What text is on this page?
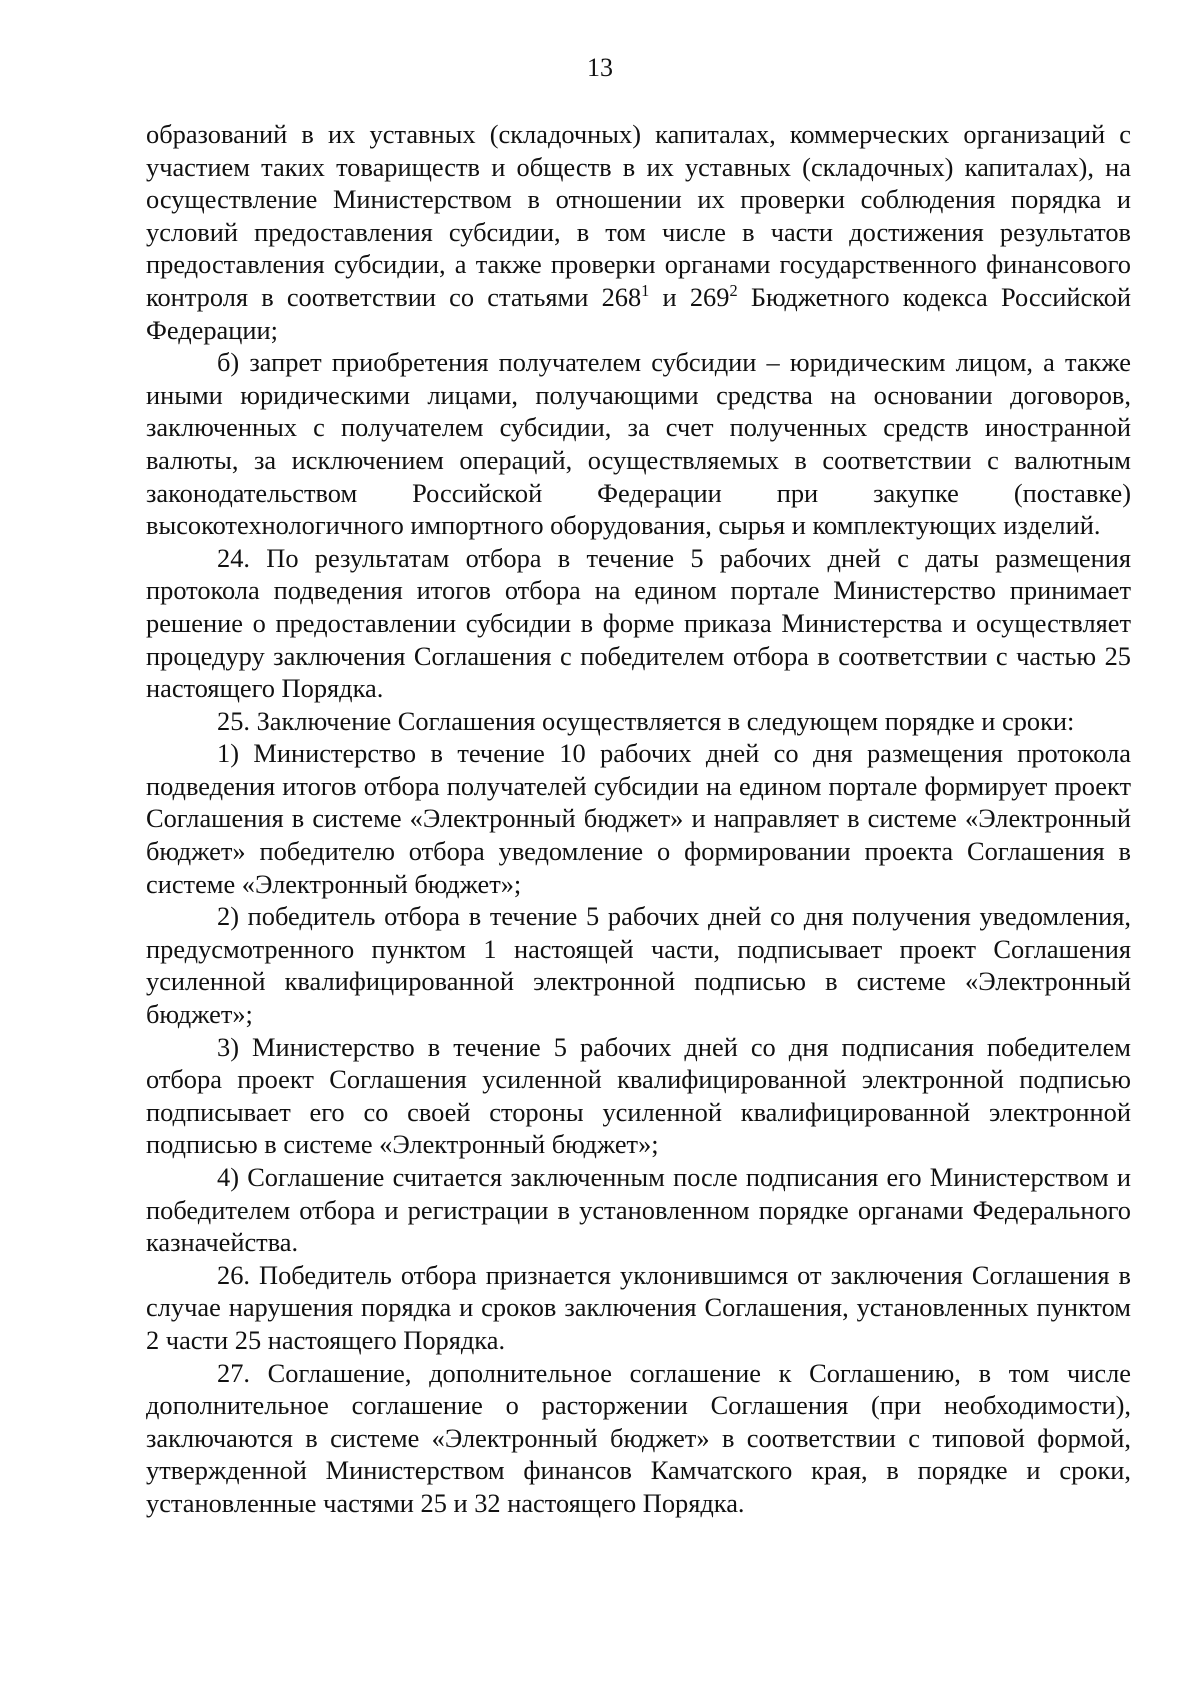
13

образований в их уставных (складочных) капиталах, коммерческих организаций с участием таких товариществ и обществ в их уставных (складочных) капиталах), на осуществление Министерством в отношении их проверки соблюдения порядка и условий предоставления субсидии, в том числе в части достижения результатов предоставления субсидии, а также проверки органами государственного финансового контроля в соответствии со статьями $268^1$ и $269^2$ Бюджетного кодекса Российской Федерации;

б) запрет приобретения получателем субсидии – юридическим лицом, а также иными юридическими лицами, получающими средства на основании договоров, заключенных с получателем субсидии, за счет полученных средств иностранной валюты, за исключением операций, осуществляемых в соответствии с валютным законодательством Российской Федерации при закупке (поставке) высокотехнологичного импортного оборудования, сырья и комплектующих изделий.

24. По результатам отбора в течение 5 рабочих дней с даты размещения протокола подведения итогов отбора на едином портале Министерство принимает решение о предоставлении субсидии в форме приказа Министерства и осуществляет процедуру заключения Соглашения с победителем отбора в соответствии с частью 25 настоящего Порядка.

25. Заключение Соглашения осуществляется в следующем порядке и сроки:

1) Министерство в течение 10 рабочих дней со дня размещения протокола подведения итогов отбора получателей субсидии на едином портале формирует проект Соглашения в системе «Электронный бюджет» и направляет в системе «Электронный бюджет» победителю отбора уведомление о формировании проекта Соглашения в системе «Электронный бюджет»;

2) победитель отбора в течение 5 рабочих дней со дня получения уведомления, предусмотренного пунктом 1 настоящей части, подписывает проект Соглашения усиленной квалифицированной электронной подписью в системе «Электронный бюджет»;

3) Министерство в течение 5 рабочих дней со дня подписания победителем отбора проект Соглашения усиленной квалифицированной электронной подписью подписывает его со своей стороны усиленной квалифицированной электронной подписью в системе «Электронный бюджет»;

4) Соглашение считается заключенным после подписания его Министерством и победителем отбора и регистрации в установленном порядке органами Федерального казначейства.

26. Победитель отбора признается уклонившимся от заключения Соглашения в случае нарушения порядка и сроков заключения Соглашения, установленных пунктом 2 части 25 настоящего Порядка.

27. Соглашение, дополнительное соглашение к Соглашению, в том числе дополнительное соглашение о расторжении Соглашения (при необходимости), заключаются в системе «Электронный бюджет» в соответствии с типовой формой, утвержденной Министерством финансов Камчатского края, в порядке и сроки, установленные частями 25 и 32 настоящего Порядка.
